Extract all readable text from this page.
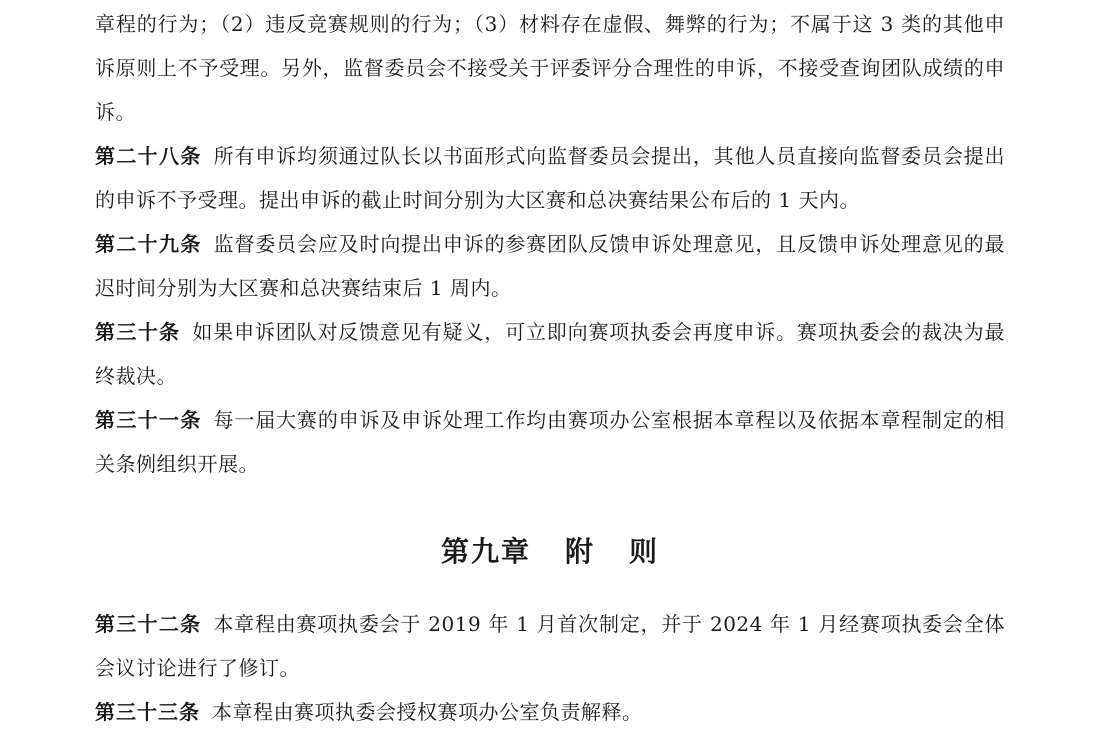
章程的行为；（2）违反竞赛规则的行为；（3）材料存在虚假、舞弊的行为；不属于这 3 类的其他申诉原则上不予受理。另外，监督委员会不接受关于评委评分合理性的申诉，不接受查询团队成绩的申诉。

第二十八条 所有申诉均须通过队长以书面形式向监督委员会提出，其他人员直接向监督委员会提出的申诉不予受理。提出申诉的截止时间分别为大区赛和总决赛结果公布后的 1 天内。

第二十九条 监督委员会应及时向提出申诉的参赛团队反馈申诉处理意见，且反馈申诉处理意见的最迟时间分别为大区赛和总决赛结束后 1 周内。

第三十条 如果申诉团队对反馈意见有疑义，可立即向赛项执委会再度申诉。赛项执委会的裁决为最终裁决。

第三十一条 每一届大赛的申诉及申诉处理工作均由赛项办公室根据本章程以及依据本章程制定的相关条例组织开展。

第九章 附 则

第三十二条 本章程由赛项执委会于 2019 年 1 月首次制定，并于 2024 年 1 月经赛项执委会全体会议讨论进行了修订。

第三十三条 本章程由赛项执委会授权赛项办公室负责解释。
